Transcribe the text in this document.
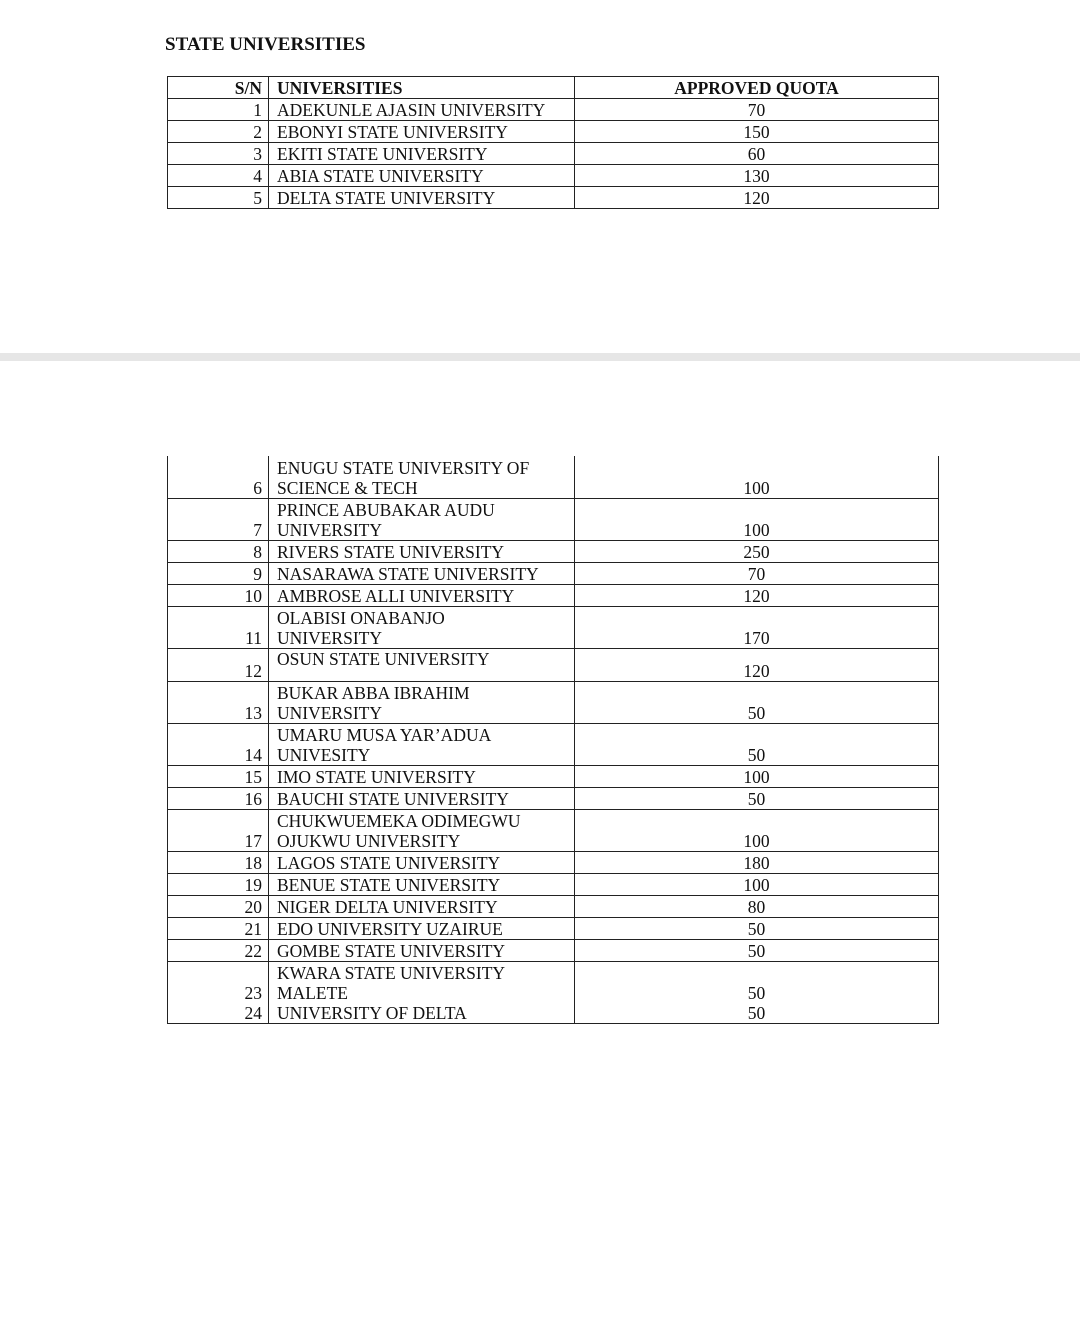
STATE UNIVERSITIES
S/N	UNIVERSITIES	APPROVED QUOTA
1	ADEKUNLE AJASIN UNIVERSITY	70
2	EBONYI STATE UNIVERSITY	150
3	EKITI STATE UNIVERSITY	60
4	ABIA STATE UNIVERSITY	130
5	DELTA STATE UNIVERSITY	120
6	ENUGU STATE UNIVERSITY OF
SCIENCE & TECH	100
7	PRINCE ABUBAKAR AUDU
UNIVERSITY	100
8	RIVERS STATE UNIVERSITY	250
9	NASARAWA STATE UNIVERSITY	70
10	AMBROSE ALLI UNIVERSITY	120
11	OLABISI ONABANJO
UNIVERSITY	170
12	OSUN STATE UNIVERSITY	120
13	BUKAR ABBA IBRAHIM
UNIVERSITY	50
14	UMARU MUSA YAR’ADUA
UNIVESITY	50
15	IMO STATE UNIVERSITY	100
16	BAUCHI STATE UNIVERSITY	50
17	CHUKWUEMEKA ODIMEGWU
OJUKWU UNIVERSITY	100
18	LAGOS STATE UNIVERSITY	180
19	BENUE STATE UNIVERSITY	100
20	NIGER DELTA UNIVERSITY	80
21	EDO UNIVERSITY UZAIRUE	50
22	GOMBE STATE UNIVERSITY	50
23	KWARA STATE UNIVERSITY
MALETE	50
24	UNIVERSITY OF DELTA	50
